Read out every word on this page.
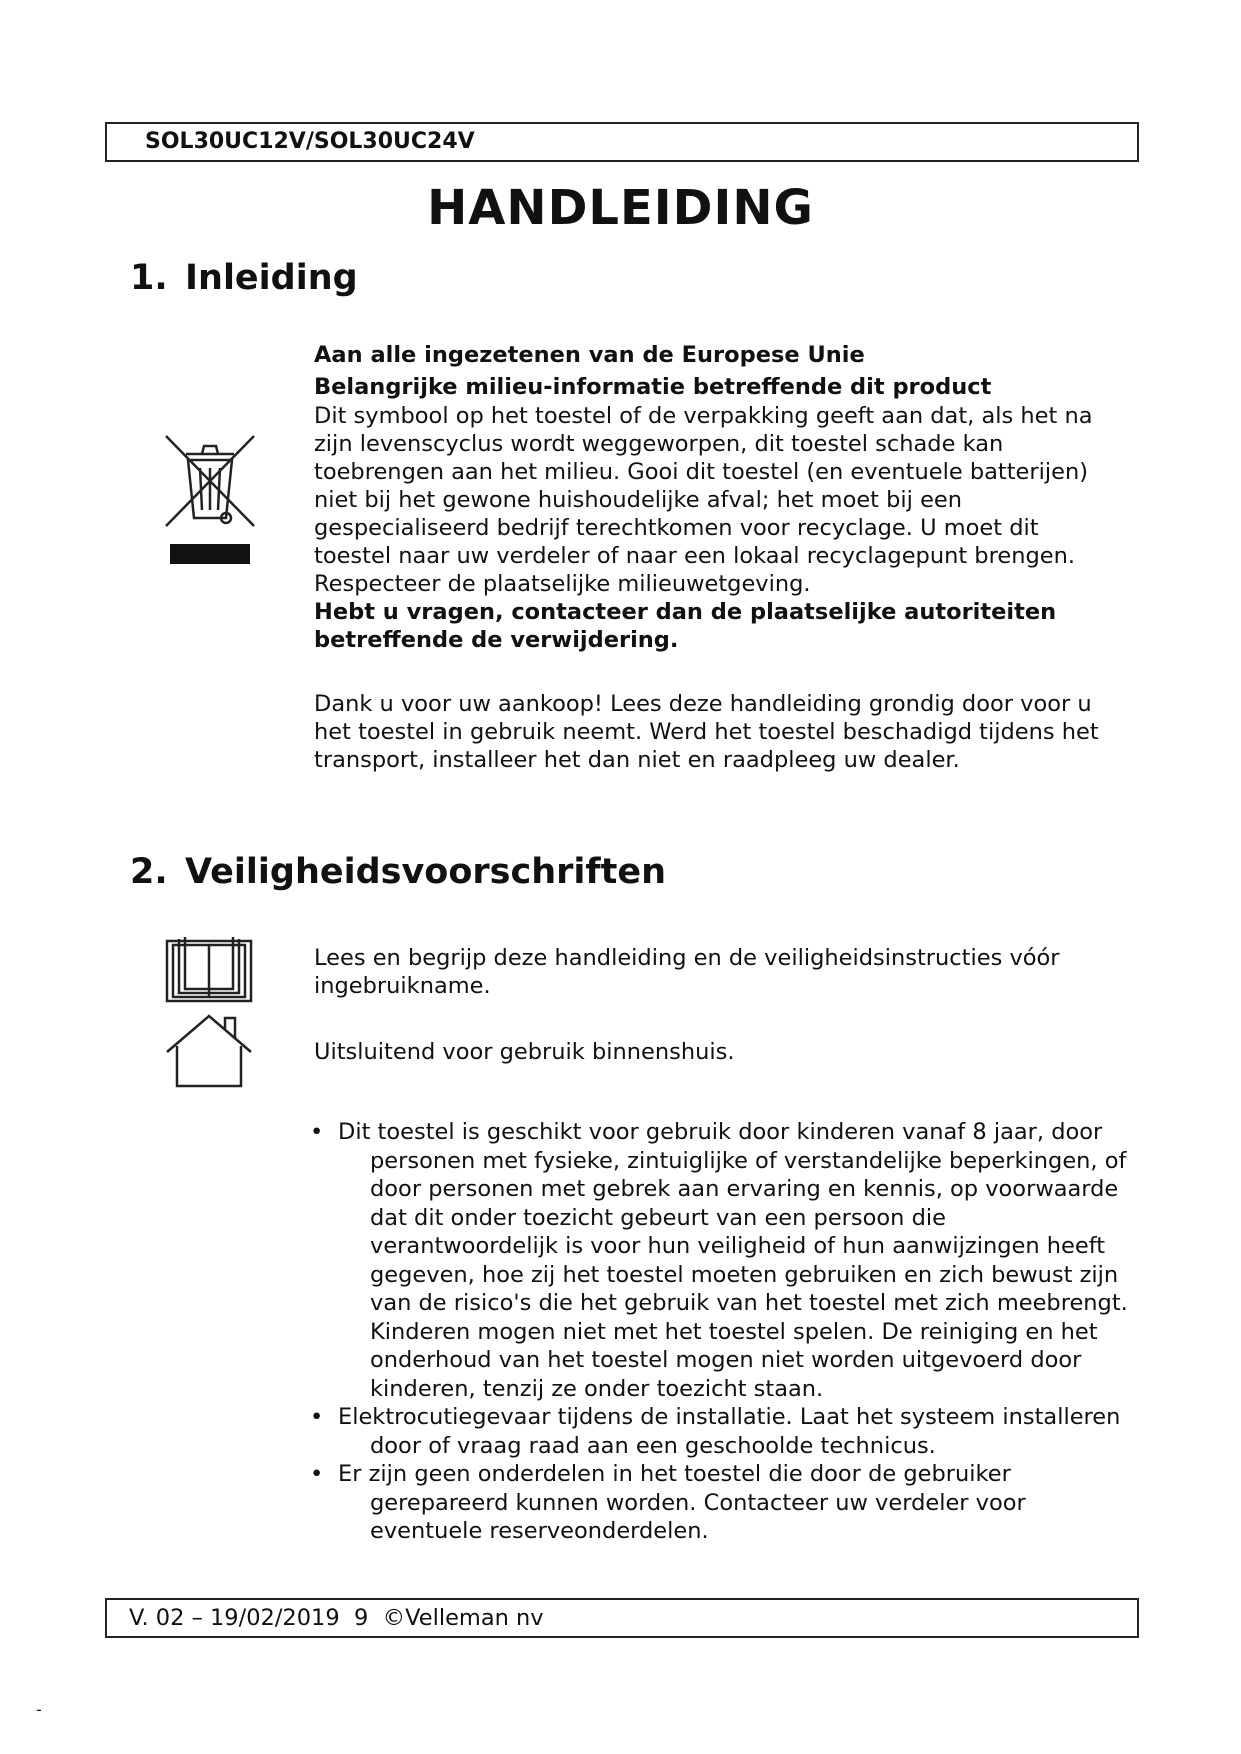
SOL30UC12V/SOL30UC24V
HANDLEIDING
1. Inleiding

Aan alle ingezetenen van de Europese Unie

Belangrijke milieu-informatie betreffende dit product

Dit symbool op het toestel of de verpakking geeft aan dat, als het na zijn levenscyclus wordt weggeworpen, dit toestel schade kan toebrengen aan het milieu. Gooi dit toestel (en eventuele batterijen) niet bij het gewone huishoudelijke afval; het moet bij een gespecialiseerd bedrijf terechtkomen voor recyclage. U moet dit toestel naar uw verdeler of naar een lokaal recyclagepunt brengen. Respecteer de plaatselijke milieuwetgeving.

Hebt u vragen, contacteer dan de plaatselijke autoriteiten betreffende de verwijdering.

Dank u voor uw aankoop! Lees deze handleiding grondig door voor u het toestel in gebruik neemt. Werd het toestel beschadigd tijdens het transport, installeer het dan niet en raadpleeg uw dealer.

2. Veiligheidsvoorschriften

Lees en begrijp deze handleiding en de veiligheidsinstructies vóór ingebruikname.

Uitsluitend voor gebruik binnenshuis.

• Dit toestel is geschikt voor gebruik door kinderen vanaf 8 jaar, door personen met fysieke, zintuiglijke of verstandelijke beperkingen, of door personen met gebrek aan ervaring en kennis, op voorwaarde dat dit onder toezicht gebeurt van een persoon die verantwoordelijk is voor hun veiligheid of hun aanwijzingen heeft gegeven, hoe zij het toestel moeten gebruiken en zich bewust zijn van de risico's die het gebruik van het toestel met zich meebrengt. Kinderen mogen niet met het toestel spelen. De reiniging en het onderhoud van het toestel mogen niet worden uitgevoerd door kinderen, tenzij ze onder toezicht staan.
• Elektrocutiegevaar tijdens de installatie. Laat het systeem installeren door of vraag raad aan een geschoolde technicus.
• Er zijn geen onderdelen in het toestel die door de gebruiker gerepareerd kunnen worden. Contacteer uw verdeler voor eventuele reserveonderdelen.
V. 02 – 19/02/2019  9  ©Velleman nv
-
